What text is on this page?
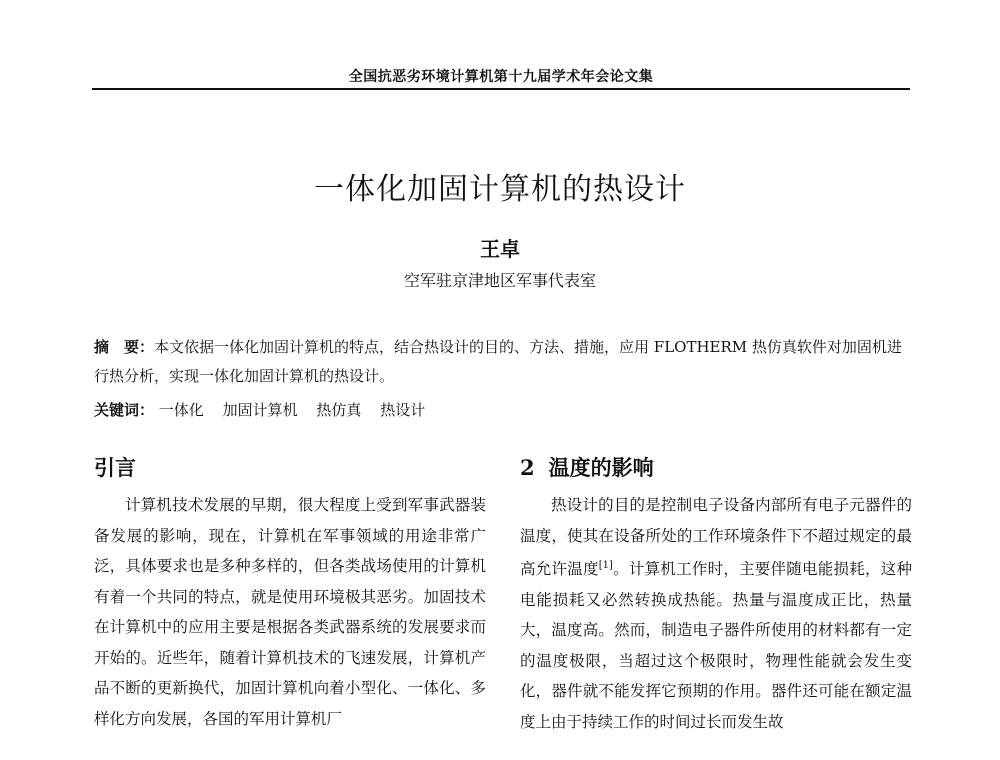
全国抗恶劣环境计算机第十九届学术年会论文集
一体化加固计算机的热设计
王卓
空军驻京津地区军事代表室
摘　要：本文依据一体化加固计算机的特点，结合热设计的目的、方法、措施，应用 FLOTHERM 热仿真软件对加固机进行热分析，实现一体化加固计算机的热设计。
关键词： 一体化 加固计算机 热仿真 热设计
引言

计算机技术发展的早期，很大程度上受到军事武器装备发展的影响，现在，计算机在军事领域的用途非常广泛，具体要求也是多种多样的，但各类战场使用的计算机有着一个共同的特点，就是使用环境极其恶劣。加固技术在计算机中的应用主要是根据各类武器系统的发展要求而开始的。近些年，随着计算机技术的飞速发展，计算机产品不断的更新换代，加固计算机向着小型化、一体化、多样化方向发展，各国的军用计算机厂

2 温度的影响

热设计的目的是控制电子设备内部所有电子元器件的温度，使其在设备所处的工作环境条件下不超过规定的最高允许温度[1]。计算机工作时，主要伴随电能损耗，这种电能损耗又必然转换成热能。热量与温度成正比，热量大，温度高。然而，制造电子器件所使用的材料都有一定的温度极限，当超过这个极限时，物理性能就会发生变化，器件就不能发挥它预期的作用。器件还可能在额定温度上由于持续工作的时间过长而发生故
